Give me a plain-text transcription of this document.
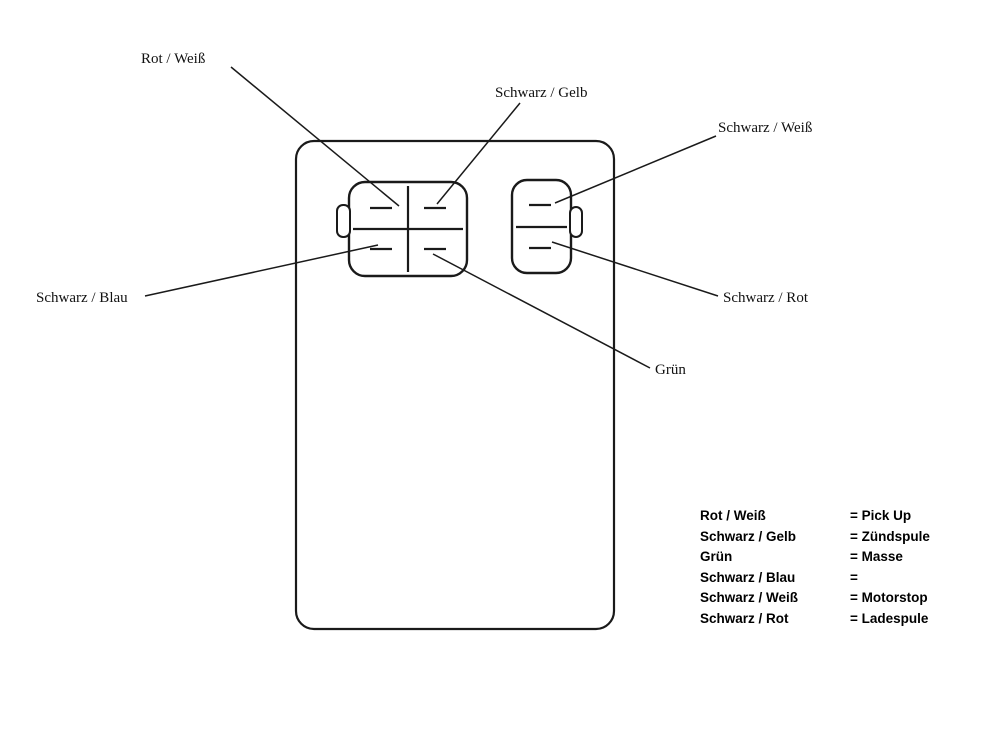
Rot / Weiß
Schwarz / Gelb
Schwarz / Weiß
Schwarz / Blau	Schwarz / Rot
Grün
Rot / Weiß	= Pick Up
Schwarz / Gelb	= Zündspule
Grün	= Masse
Schwarz / Blau	=
Schwarz / Weiß	= Motorstop
Schwarz / Rot	= Ladespule
